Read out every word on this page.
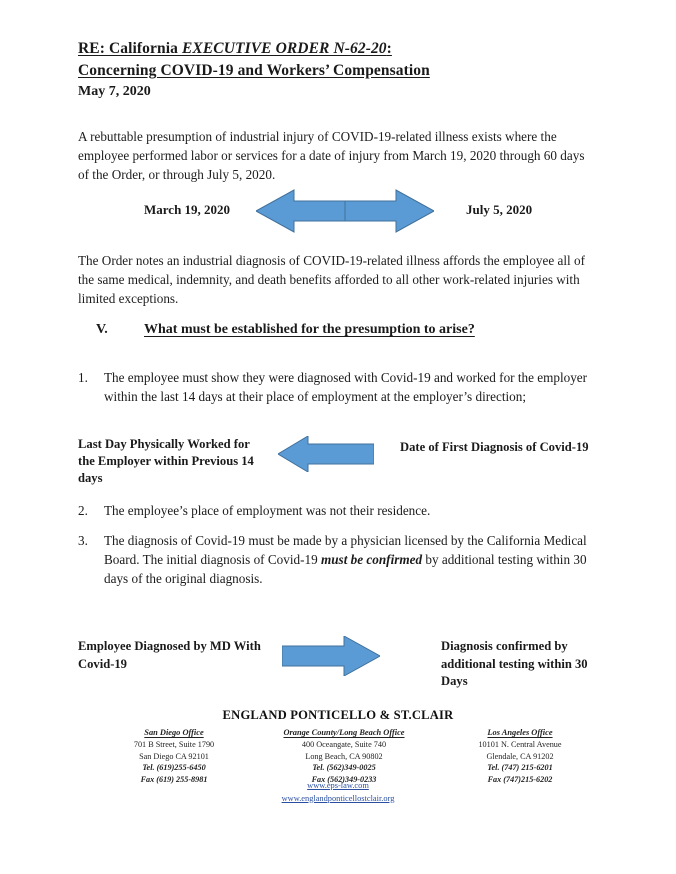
RE: California EXECUTIVE ORDER N-62-20:
Concerning COVID-19 and Workers’ Compensation
May 7, 2020
A rebuttable presumption of industrial injury of COVID-19-related illness exists where the employee performed labor or services for a date of injury from March 19, 2020 through 60 days of the Order, or through July 5, 2020.
March 19, 2020	July 5, 2020
The Order notes an industrial diagnosis of COVID-19-related illness affords the employee all of the same medical, indemnity, and death benefits afforded to all other work-related injuries with limited exceptions.
V.	What must be established for the presumption to arise?
1.	The employee must show they were diagnosed with Covid-19 and worked for the employer within the last 14 days at their place of employment at the employer’s direction;
Last Day Physically Worked for the Employer within Previous 14 days
Date of First Diagnosis of Covid-19
2.	The employee’s place of employment was not their residence.
3.	The diagnosis of Covid-19 must be made by a physician licensed by the California Medical Board. The initial diagnosis of Covid-19 must be confirmed by additional testing within 30 days of the original diagnosis.
Employee Diagnosed by MD With Covid-19
Diagnosis confirmed by additional testing within 30 Days
ENGLAND PONTICELLO & ST.CLAIR
San Diego Office
701 B Street, Suite 1790
San Diego CA 92101
Tel. (619)255-6450
Fax (619) 255-8981
Orange County/Long Beach Office
400 Oceangate, Suite 740
Long Beach, CA 90802
Tel. (562)349-0025
Fax (562)349-0233
Los Angeles Office
10101 N. Central Avenue
Glendale, CA 91202
Tel. (747) 215-6201
Fax (747)215-6202
www.eps-law.com
www.englandponticellostclair.org
